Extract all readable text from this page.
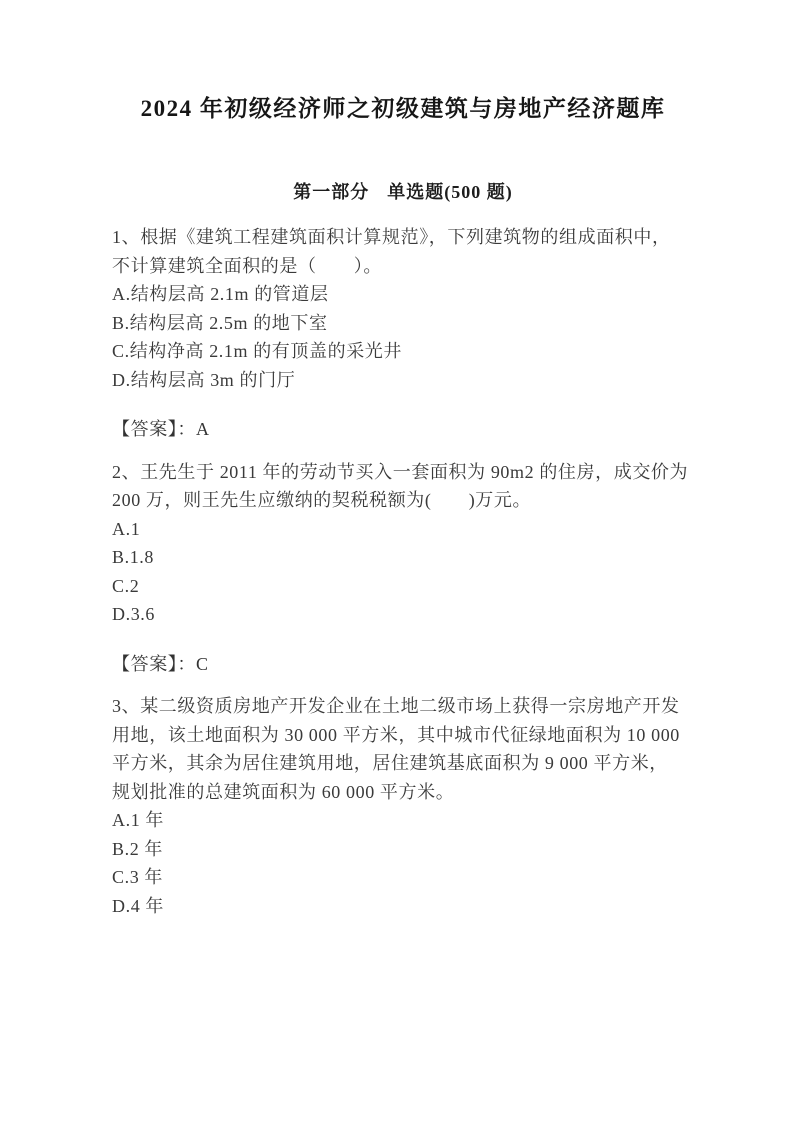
2024 年初级经济师之初级建筑与房地产经济题库
第一部分 单选题(500 题)

1、根据《建筑工程建筑面积计算规范》，下列建筑物的组成面积中，

不计算建筑全面积的是（　　）。

A.结构层高 2.1m 的管道层

B.结构层高 2.5m 的地下室

C.结构净高 2.1m 的有顶盖的采光井

D.结构层高 3m 的门厅

【答案】：A

2、王先生于 2011 年的劳动节买入一套面积为 90m2 的住房，成交价为

200 万，则王先生应缴纳的契税税额为(　　)万元。

A.1

B.1.8

C.2

D.3.6

【答案】：C

3、某二级资质房地产开发企业在土地二级市场上获得一宗房地产开发

用地，该土地面积为 30 000 平方米，其中城市代征绿地面积为 10 000

平方米，其余为居住建筑用地，居住建筑基底面积为 9 000 平方米，

规划批准的总建筑面积为 60 000 平方米。

A.1 年

B.2 年

C.3 年

D.4 年
